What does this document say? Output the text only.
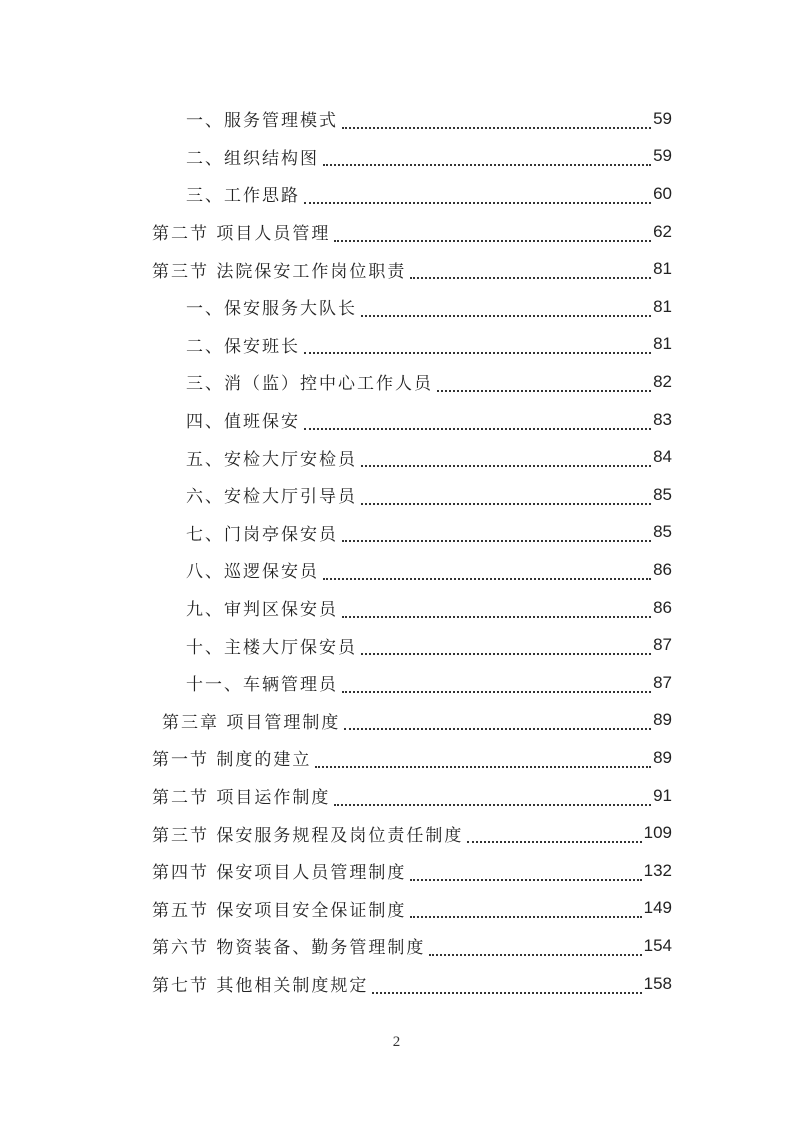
一、服务管理模式	59
二、组织结构图	59
三、工作思路	60
第二节 项目人员管理	62
第三节 法院保安工作岗位职责	81
一、保安服务大队长	81
二、保安班长	81
三、消（监）控中心工作人员	82
四、值班保安	83
五、安检大厅安检员	84
六、安检大厅引导员	85
七、门岗亭保安员	85
八、巡逻保安员	86
九、审判区保安员	86
十、主楼大厅保安员	87
十一、车辆管理员	87
第三章 项目管理制度	89
第一节 制度的建立	89
第二节 项目运作制度	91
第三节 保安服务规程及岗位责任制度	109
第四节 保安项目人员管理制度	132
第五节 保安项目安全保证制度	149
第六节 物资装备、勤务管理制度	154
第七节 其他相关制度规定	158
2
